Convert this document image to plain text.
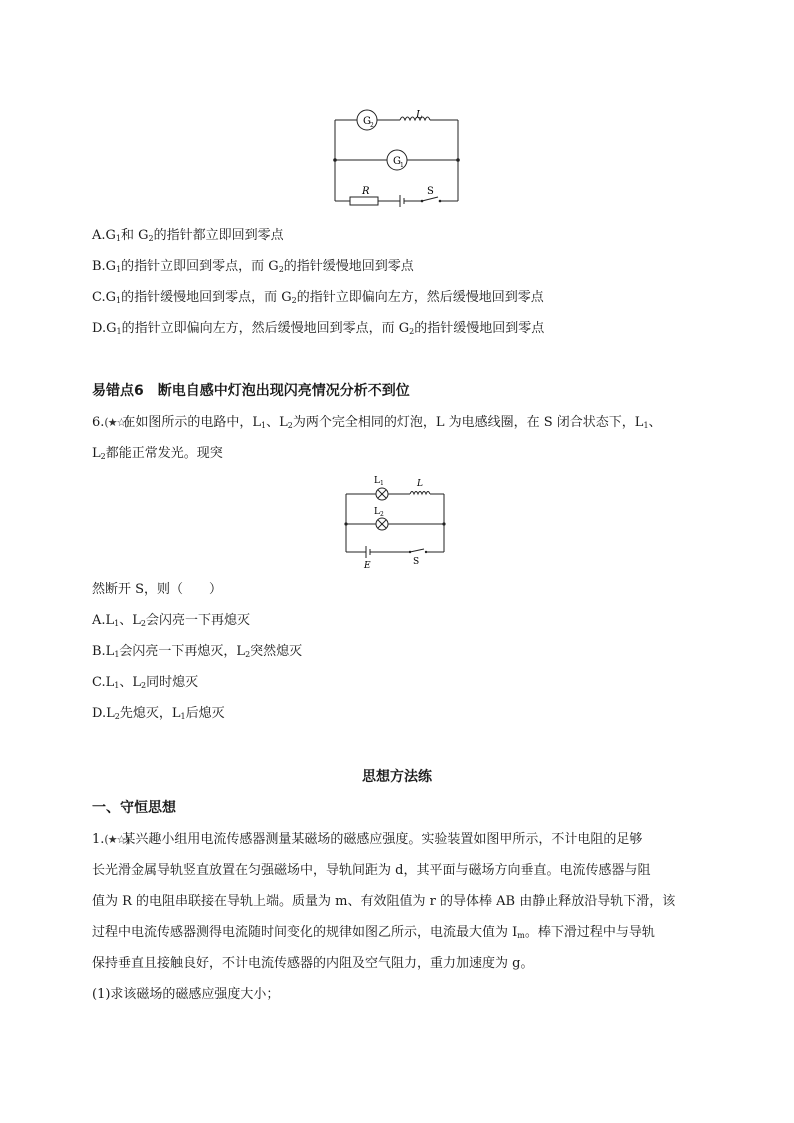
G 2
G 1
L
R	S
$A.G_1$和 $G_2$的指针都立即回到零点
$B.G_1$的指针立即回到零点，而 $G_2$的指针缓慢地回到零点
$C.G_1$的指针缓慢地回到零点，而 $G_2$的指针立即偏向左方，然后缓慢地回到零点
$D.G_1$的指针立即偏向左方，然后缓慢地回到零点，而 $G_2$的指针缓慢地回到零点
易错点6　断电自感中灯泡出现闪亮情况分析不到位
6.(★☆)在如图所示的电路中，$L_1$、$L_2$为两个完全相同的灯泡，L 为电感线圈，在 S 闭合状态下，$L_1$、
$L_2$都能正常发光。现突
L 1
L 2
L
E	S
然断开 S，则（　　）
$A.L_1$、$L_2$会闪亮一下再熄灭
$B.L_1$会闪亮一下再熄灭，$L_2$突然熄灭
$C.L_1$、$L_2$同时熄灭
$D.L_2$先熄灭，$L_1$后熄灭
思想方法练
一、守恒思想
1.(★☆)某兴趣小组用电流传感器测量某磁场的磁感应强度。实验装置如图甲所示，不计电阻的足够
长光滑金属导轨竖直放置在匀强磁场中，导轨间距为 d，其平面与磁场方向垂直。电流传感器与阻
值为 R 的电阻串联接在导轨上端。质量为 m、有效阻值为 r 的导体棒 AB 由静止释放沿导轨下滑，该
过程中电流传感器测得电流随时间变化的规律如图乙所示，电流最大值为 $I_m$。棒下滑过程中与导轨
保持垂直且接触良好，不计电流传感器的内阻及空气阻力，重力加速度为 g。
(1)求该磁场的磁感应强度大小；
